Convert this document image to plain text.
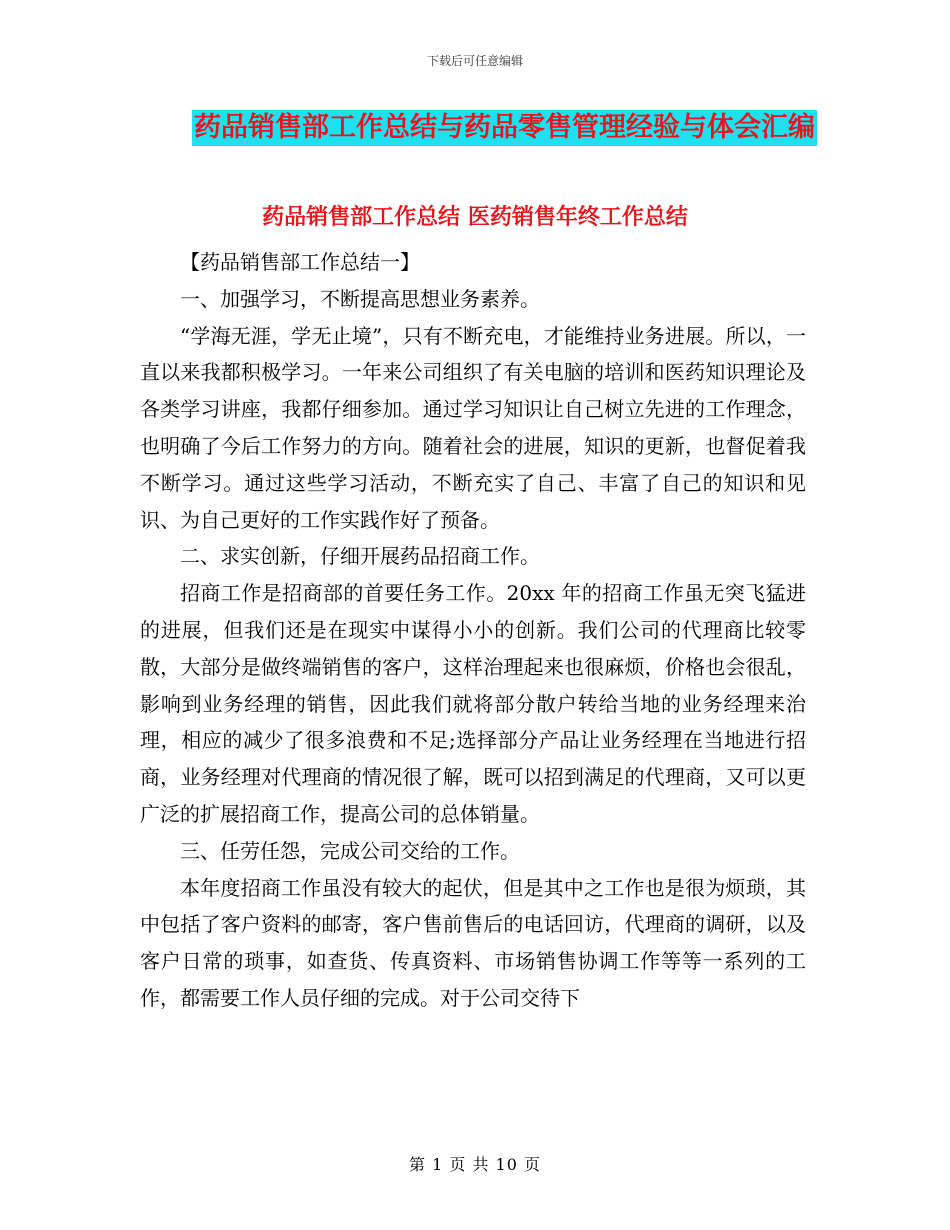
下载后可任意编辑
药品销售部工作总结与药品零售管理经验与体会汇编
药品销售部工作总结 医药销售年终工作总结

【药品销售部工作总结一】

一、加强学习，不断提高思想业务素养。

“学海无涯，学无止境”，只有不断充电，才能维持业务进展。所以，一直以来我都积极学习。一年来公司组织了有关电脑的培训和医药知识理论及各类学习讲座，我都仔细参加。通过学习知识让自己树立先进的工作理念，也明确了今后工作努力的方向。随着社会的进展，知识的更新，也督促着我不断学习。通过这些学习活动，不断充实了自己、丰富了自己的知识和见识、为自己更好的工作实践作好了预备。

二、求实创新，仔细开展药品招商工作。

招商工作是招商部的首要任务工作。20xx 年的招商工作虽无突飞猛进的进展，但我们还是在现实中谋得小小的创新。我们公司的代理商比较零散，大部分是做终端销售的客户，这样治理起来也很麻烦，价格也会很乱，影响到业务经理的销售，因此我们就将部分散户转给当地的业务经理来治理，相应的减少了很多浪费和不足;选择部分产品让业务经理在当地进行招商，业务经理对代理商的情况很了解，既可以招到满足的代理商，又可以更广泛的扩展招商工作，提高公司的总体销量。

三、任劳任怨，完成公司交给的工作。

本年度招商工作虽没有较大的起伏，但是其中之工作也是很为烦琐，其中包括了客户资料的邮寄，客户售前售后的电话回访，代理商的调研，以及客户日常的琐事，如查货、传真资料、市场销售协调工作等等一系列的工作，都需要工作人员仔细的完成。对于公司交待下

第 1 页 共 10 页
